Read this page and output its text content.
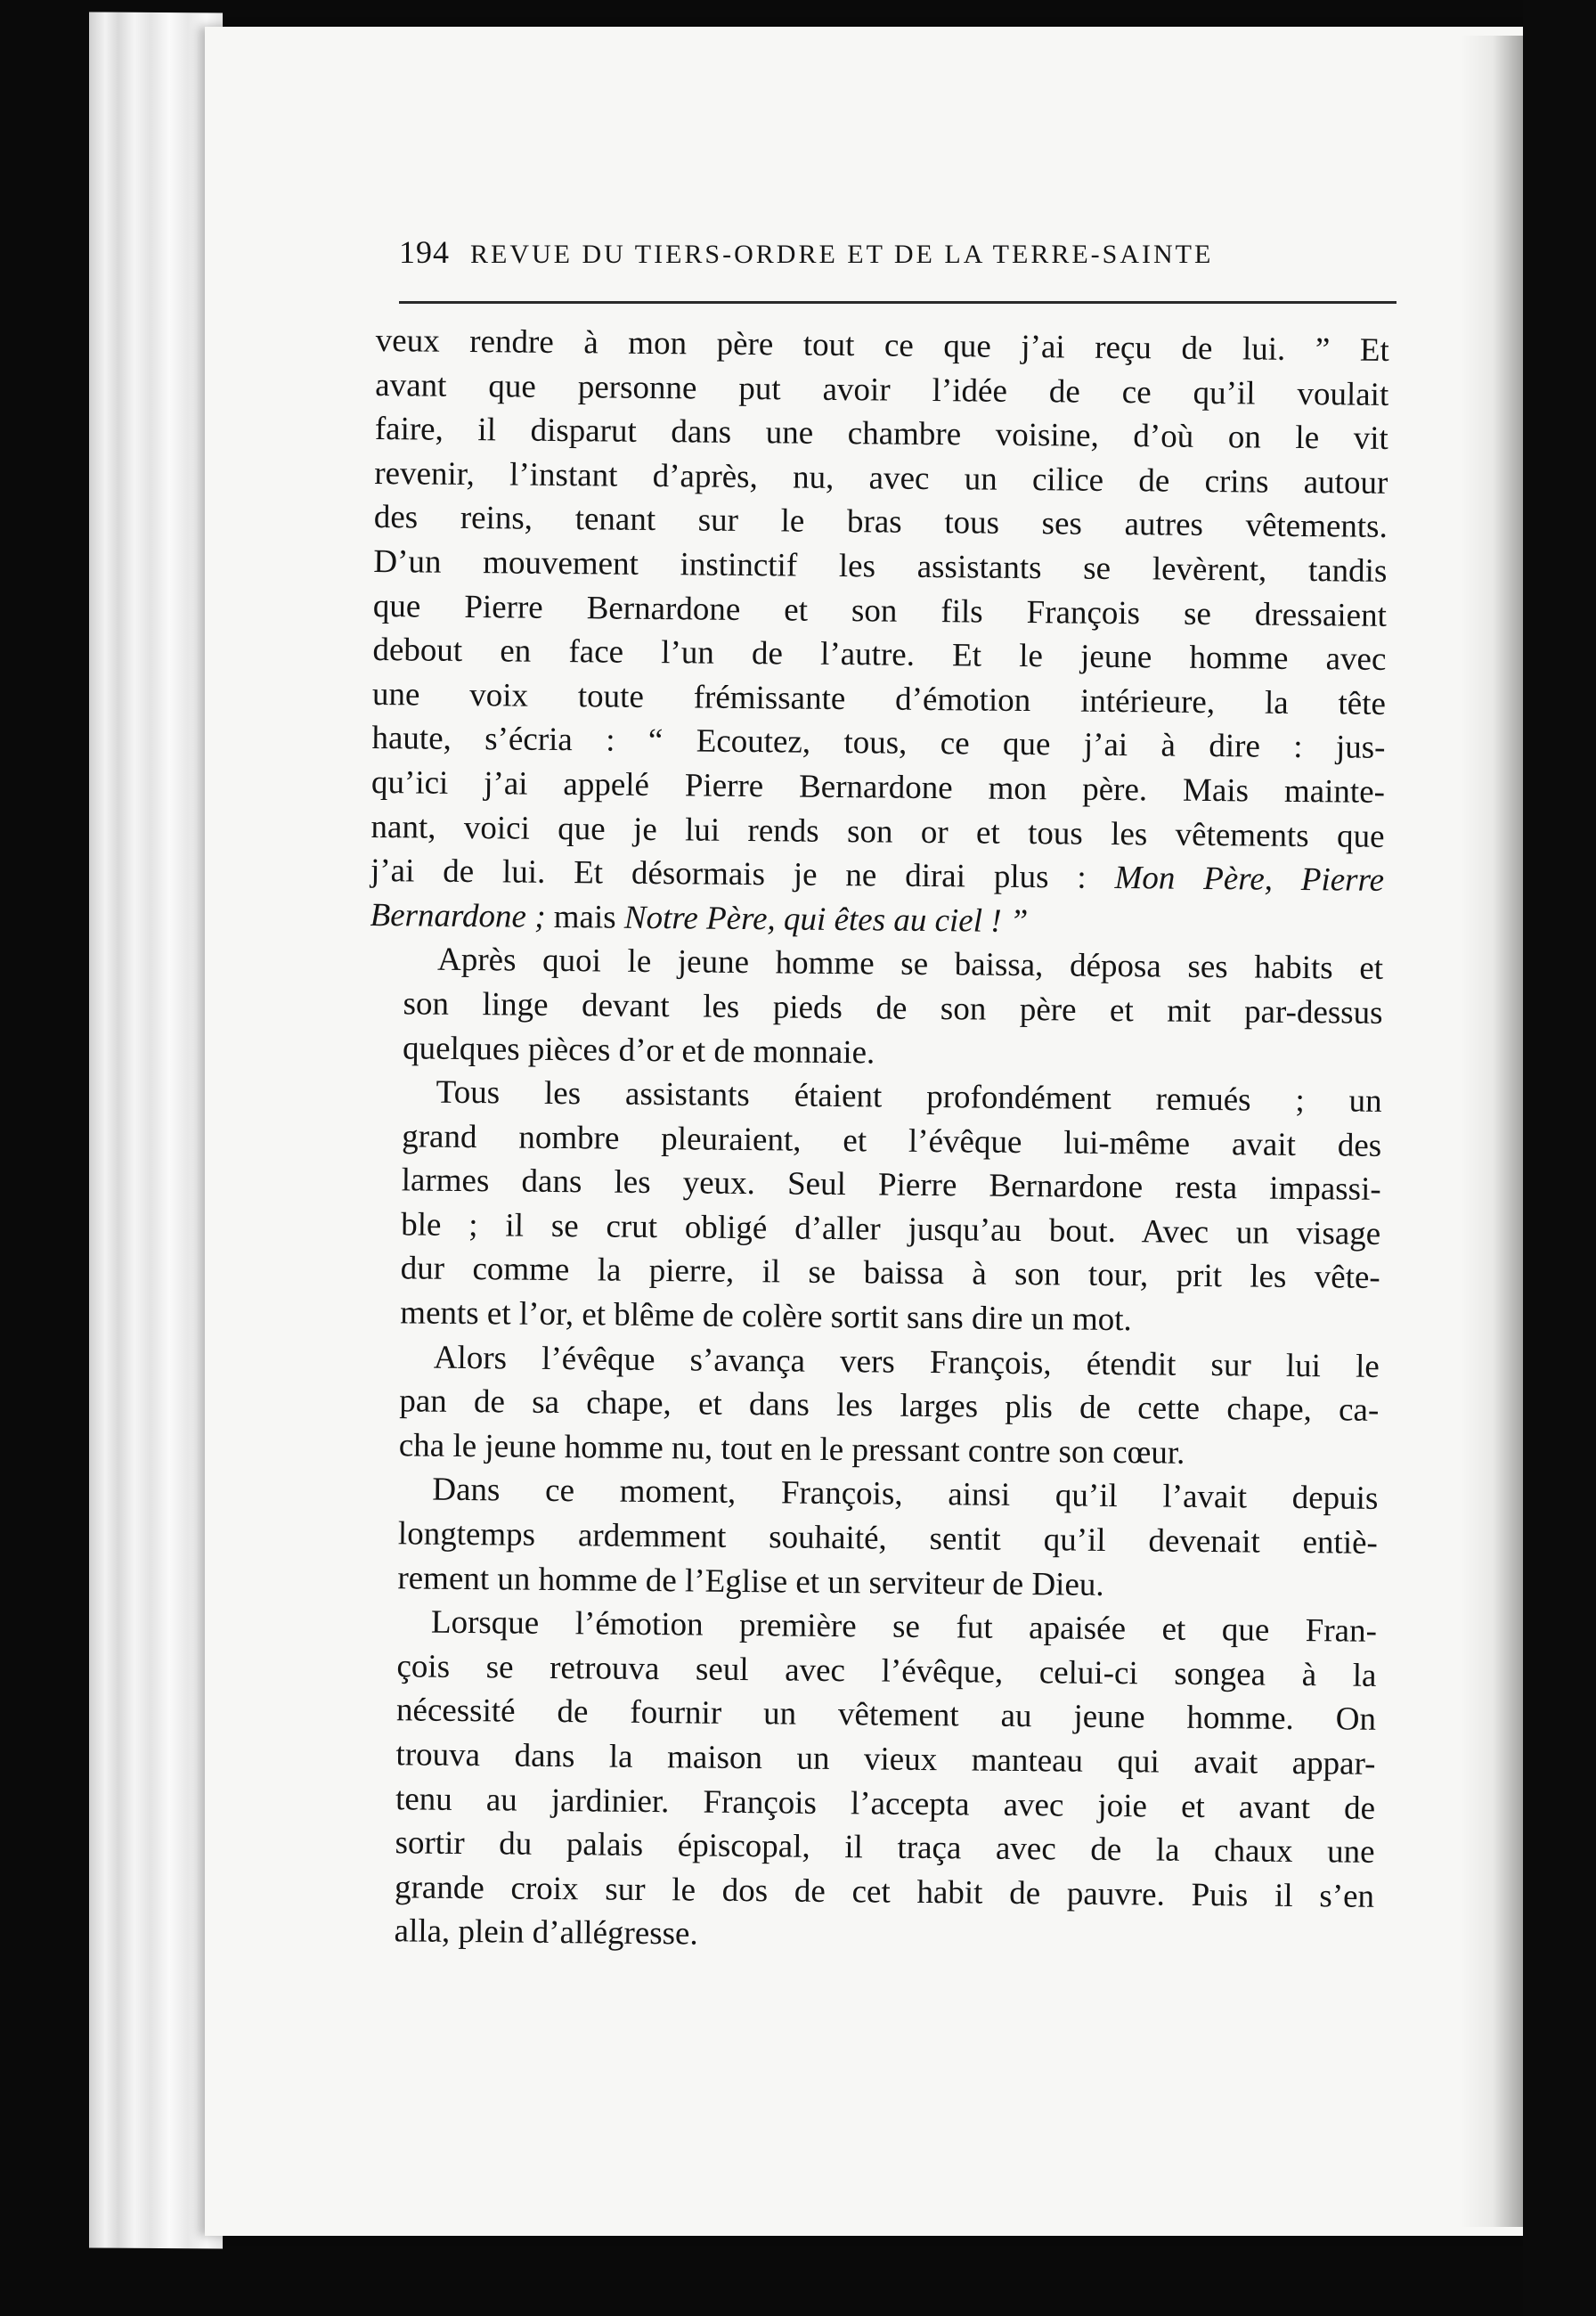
194 REVUE DU TIERS-ORDRE ET DE LA TERRE-SAINTE
veux rendre à mon père tout ce que j’ai reçu de lui. ” Et
avant que personne put avoir l’idée de ce qu’il voulait
faire, il disparut dans une chambre voisine, d’où on le vit
revenir, l’instant d’après, nu, avec un cilice de crins autour
des reins, tenant sur le bras tous ses autres vêtements.
D’un mouvement instinctif les assistants se levèrent, tandis
que Pierre Bernardone et son fils François se dressaient
debout en face l’un de l’autre. Et le jeune homme avec
une voix toute frémissante d’émotion intérieure, la tête
haute, s’écria : “ Ecoutez, tous, ce que j’ai à dire : jus-
qu’ici j’ai appelé Pierre Bernardone mon père. Mais mainte-
nant, voici que je lui rends son or et tous les vêtements que
j’ai de lui. Et désormais je ne dirai plus : Mon Père, Pierre
Bernardone ; mais Notre Père, qui êtes au ciel ! ”
Après quoi le jeune homme se baissa, déposa ses habits et
son linge devant les pieds de son père et mit par-dessus
quelques pièces d’or et de monnaie.
Tous les assistants étaient profondément remués ; un
grand nombre pleuraient, et l’évêque lui-même avait des
larmes dans les yeux. Seul Pierre Bernardone resta impassi-
ble ; il se crut obligé d’aller jusqu’au bout. Avec un visage
dur comme la pierre, il se baissa à son tour, prit les vête-
ments et l’or, et blême de colère sortit sans dire un mot.
Alors l’évêque s’avança vers François, étendit sur lui le
pan de sa chape, et dans les larges plis de cette chape, ca-
cha le jeune homme nu, tout en le pressant contre son cœur.
Dans ce moment, François, ainsi qu’il l’avait depuis
longtemps ardemment souhaité, sentit qu’il devenait entiè-
rement un homme de l’Eglise et un serviteur de Dieu.
Lorsque l’émotion première se fut apaisée et que Fran-
çois se retrouva seul avec l’évêque, celui-ci songea à la
nécessité de fournir un vêtement au jeune homme. On
trouva dans la maison un vieux manteau qui avait appar-
tenu au jardinier. François l’accepta avec joie et avant de
sortir du palais épiscopal, il traça avec de la chaux une
grande croix sur le dos de cet habit de pauvre. Puis il s’en
alla, plein d’allégresse.
